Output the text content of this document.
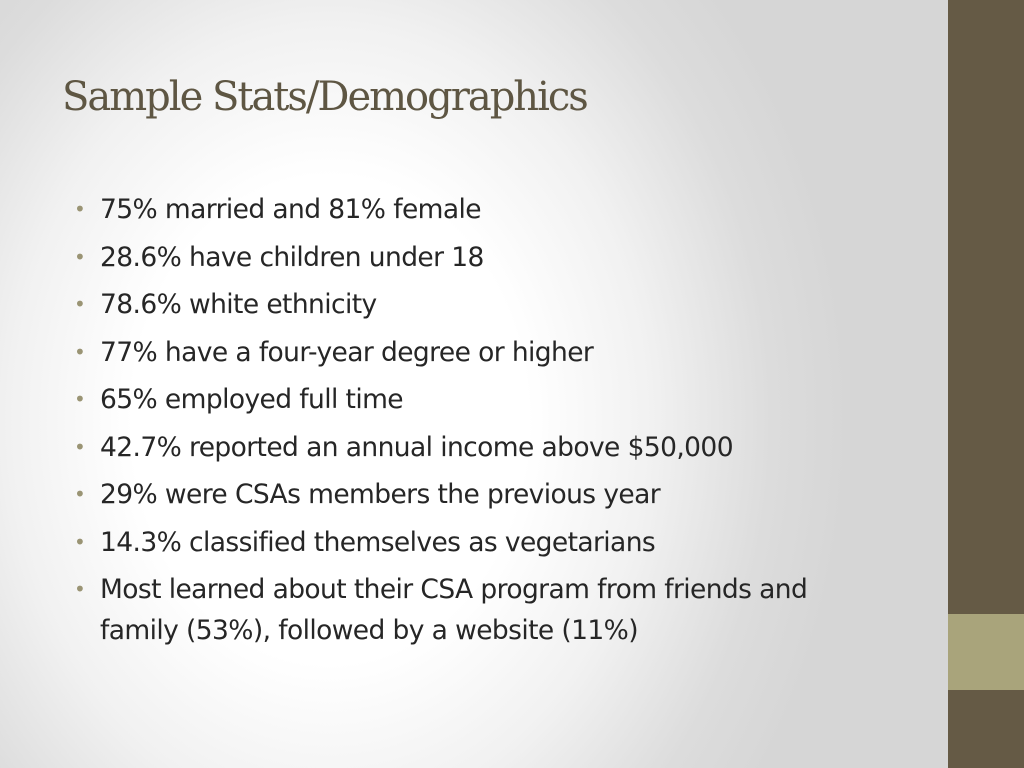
Sample Stats/Demographics
• 75% married and 81% female
• 28.6% have children under 18
• 78.6% white ethnicity
• 77% have a four-year degree or higher
• 65% employed full time
• 42.7% reported an annual income above $50,000
• 29% were CSAs members the previous year
• 14.3% classified themselves as vegetarians
• Most learned about their CSA program from friends and family (53%), followed by a website (11%)
